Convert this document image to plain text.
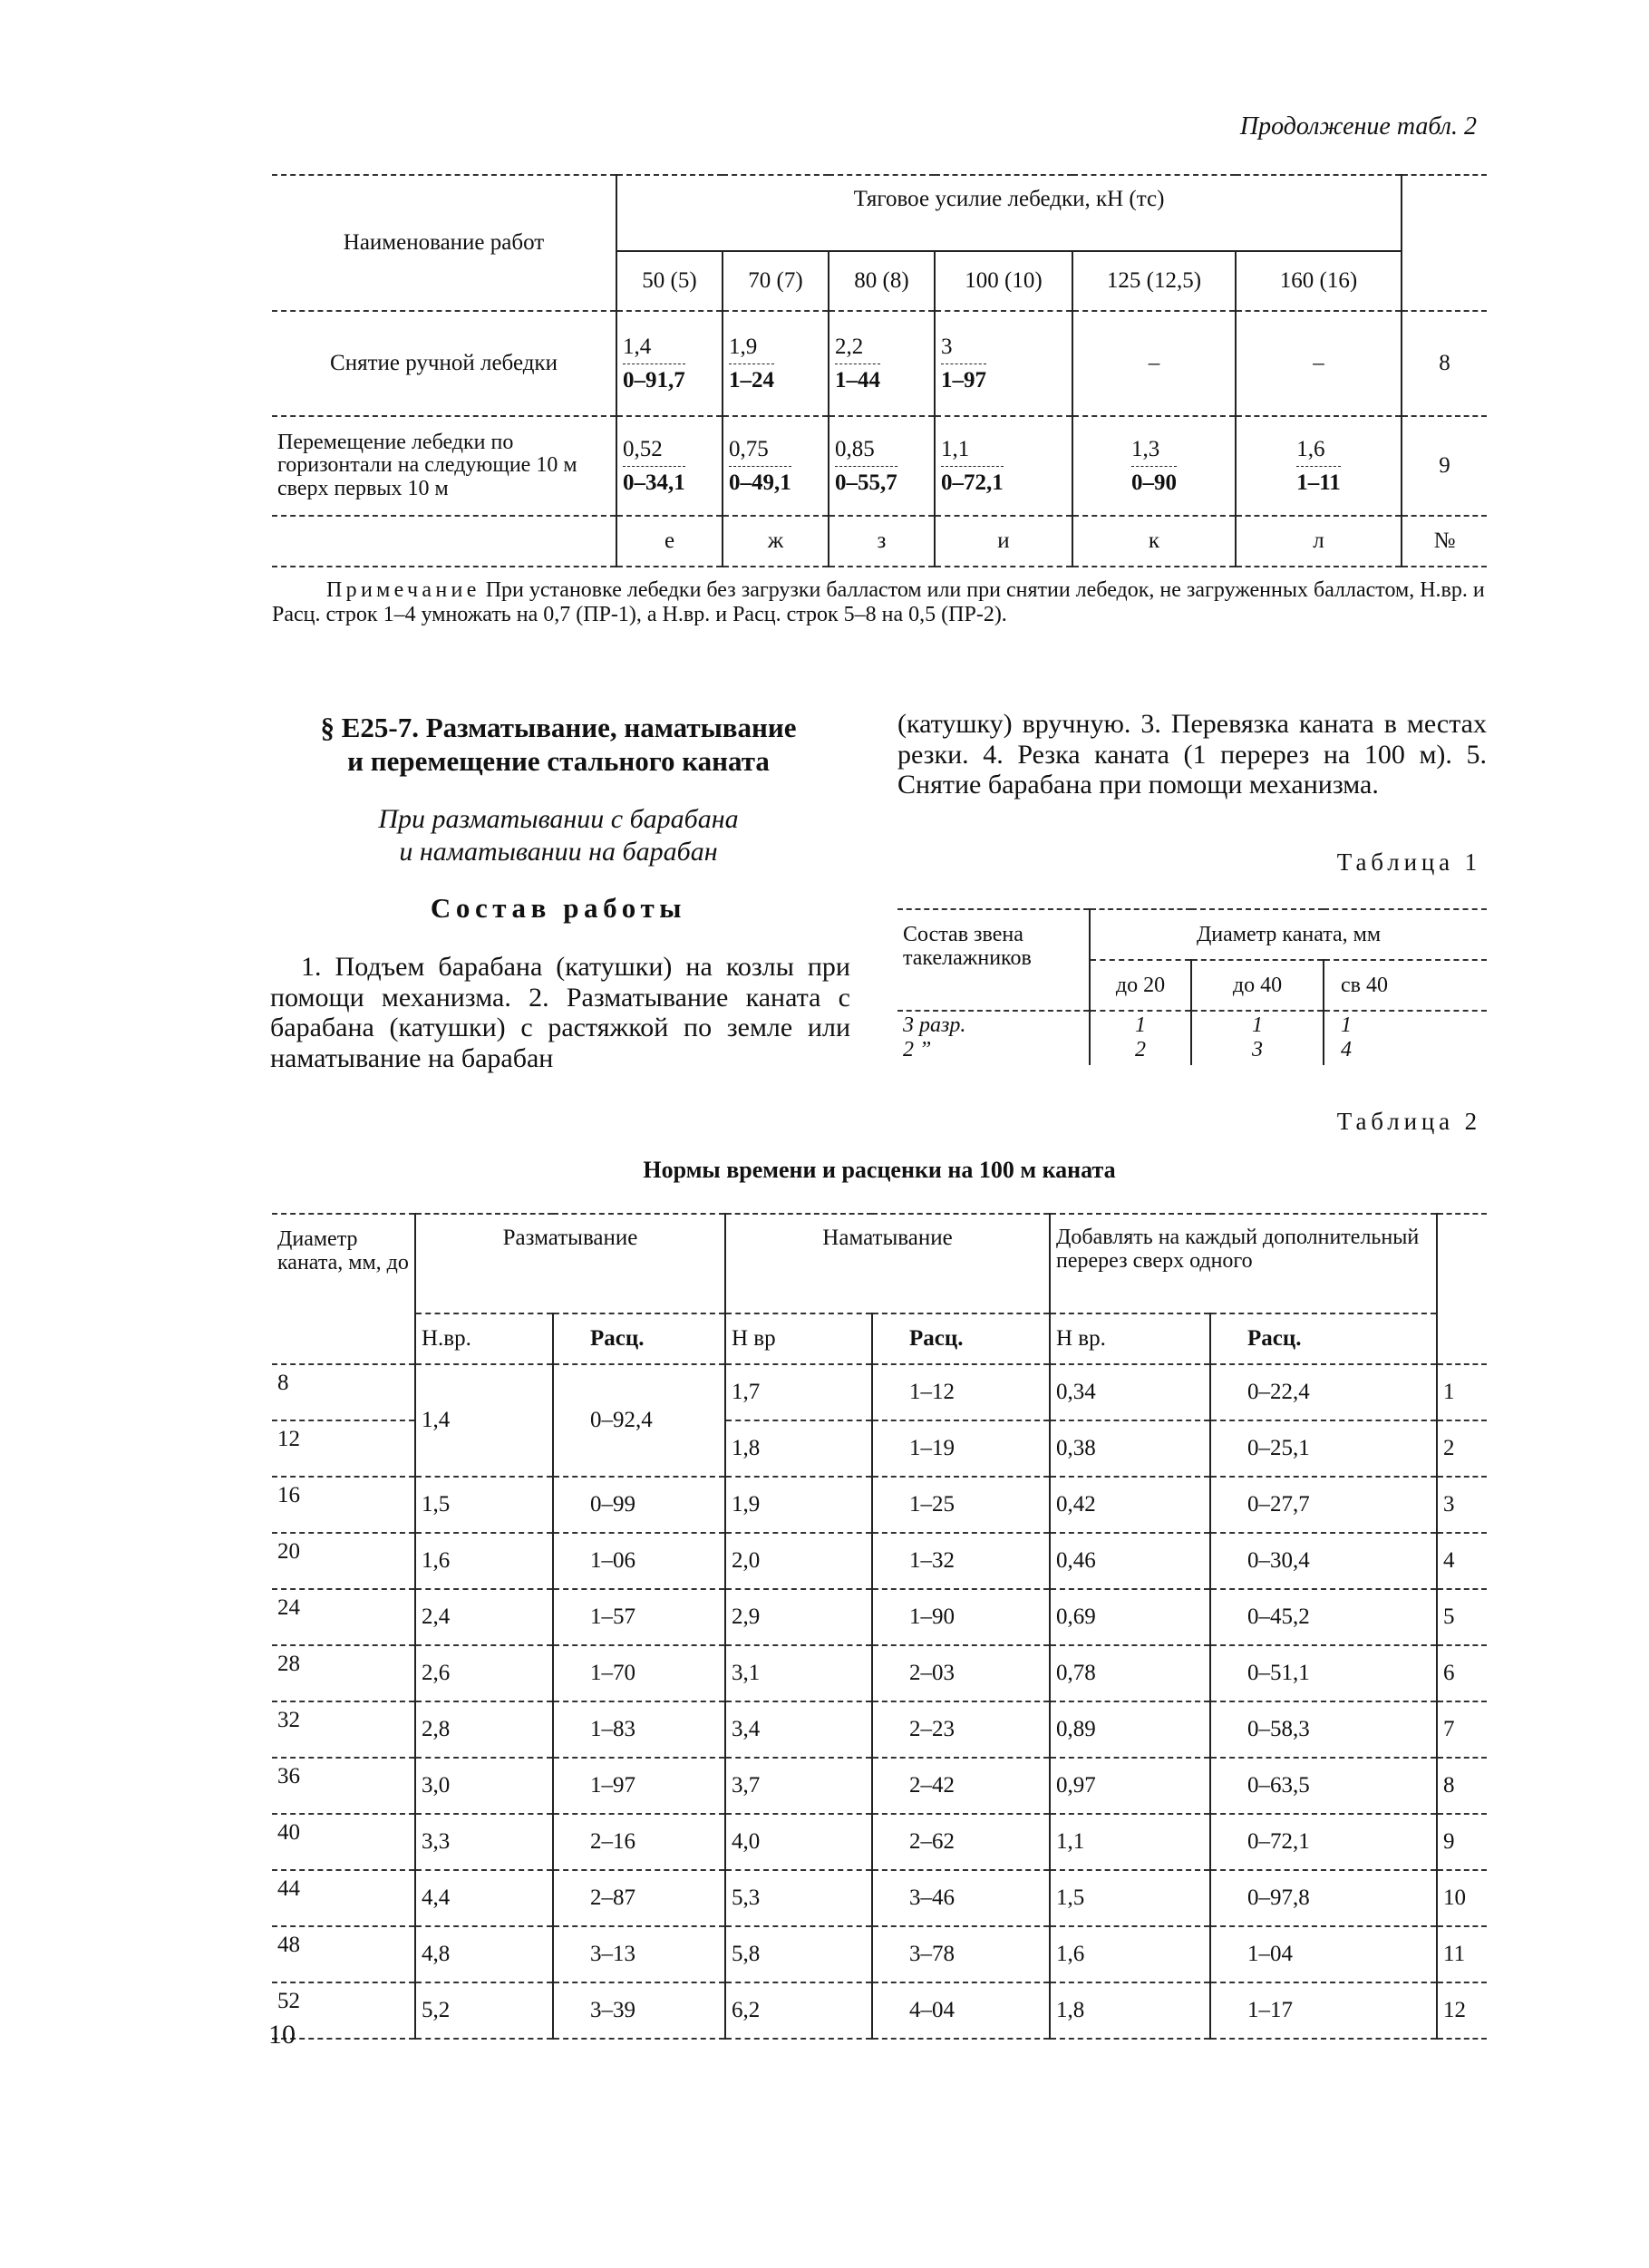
Продолжение табл. 2
Наименование работ	Тяговое усилие лебедки, кН (тс)						
	50 (5)	70 (7)	80 (8)	100 (10)	125 (12,5)	160 (16)	
Снятие ручной лебедки	$\frac{1,4}{0-91,7}$	$\frac{1,9}{1-24}$	$\frac{2,2}{1-44}$	$\frac{3}{1-97}$	–	–	8
Перемещение лебедки по горизонтали на следующие 10 м сверх первых 10 м	$\frac{0,52}{0-34,1}$	$\frac{0,75}{0-49,1}$	$\frac{0,85}{0-55,7}$	$\frac{1,1}{0-72,1}$	$\frac{1,3}{0-90}$	$\frac{1,6}{1-11}$	9
	е	ж	з	и	к	л	№
Примечание При установке лебедки без загрузки балластом или при снятии лебедок, не загруженных балластом, Н.вр. и Расц. строк 1–4 умножать на 0,7 (ПР-1), а Н.вр. и Расц. строк 5–8 на 0,5 (ПР-2).
§ Е25-7. Разматывание, наматывание
и перемещение стального каната
При разматывании с барабана
и наматывании на барабан
Состав работы
1. Подъем барабана (катушки) на козлы при помощи механизма. 2. Разматывание каната с барабана (катушки) с растяжкой по земле или наматывание на барабан
(катушку) вручную. 3. Перевязка каната в местах резки. 4. Резка каната (1 перерез на 100 м). 5. Снятие барабана при помощи механизма.
Таблица 1
Состав звена такелажников	Диаметр каната, мм		
	до 20	до 40	св 40
3 разр.	1	1	1
2 ”	2	3	4
Таблица 2
Нормы времени и расценки на 100 м каната
Диаметр каната, мм, до	Разматывание		Наматывание		Добавлять на каждый дополнительный перерез сверх одного		
	Н.вр.	Расц.	Н вр	Расц.	Н вр.	Расц.	
8	1,4	0–92,4	1,7	1–12	0,34	0–22,4	1
12			1,8	1–19	0,38	0–25,1	2
16	1,5	0–99	1,9	1–25	0,42	0–27,7	3
20	1,6	1–06	2,0	1–32	0,46	0–30,4	4
24	2,4	1–57	2,9	1–90	0,69	0–45,2	5
28	2,6	1–70	3,1	2–03	0,78	0–51,1	6
32	2,8	1–83	3,4	2–23	0,89	0–58,3	7
36	3,0	1–97	3,7	2–42	0,97	0–63,5	8
40	3,3	2–16	4,0	2–62	1,1	0–72,1	9
44	4,4	2–87	5,3	3–46	1,5	0–97,8	10
48	4,8	3–13	5,8	3–78	1,6	1–04	11
52	5,2	3–39	6,2	4–04	1,8	1–17	12
10
